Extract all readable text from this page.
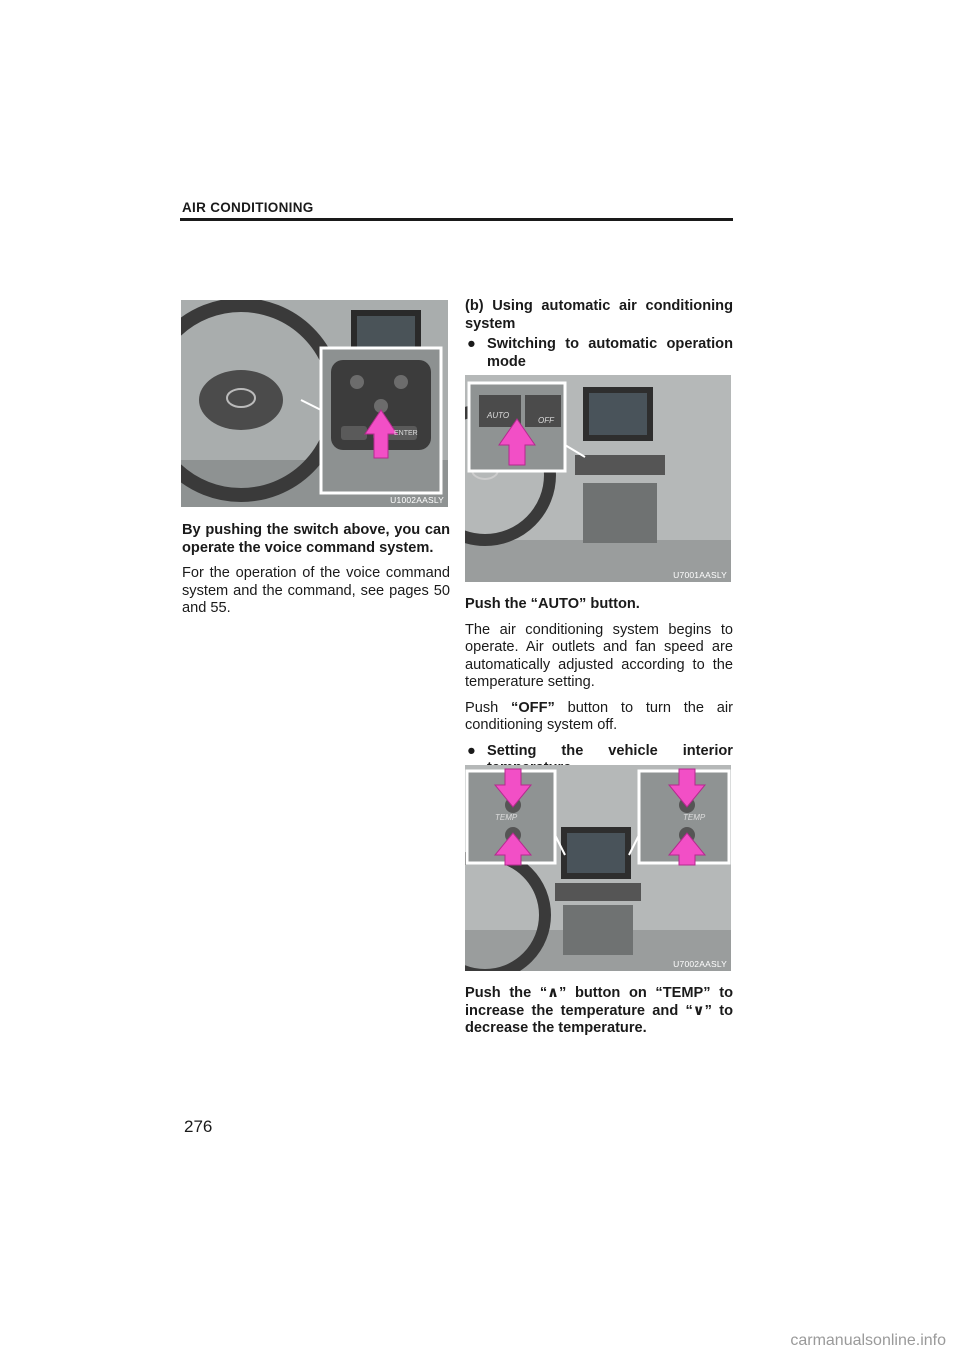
AIR CONDITIONING
U1002AASLY
ENTER

By pushing the switch above, you can operate the voice command system.

For the operation of the voice command system and the command, see pages 50 and 55.

(b) Using automatic air conditioning system

● Switching to automatic operation mode
AUTO
OFF
U7001AASLY

Push the “AUTO” button.

The air conditioning system begins to operate. Air outlets and fan speed are automatically adjusted according to the temperature setting.

Push “OFF” button to turn the air conditioning system off.

● Setting the vehicle interior
TEMP	TEMP
U7002AASLY

Push the “∧” button on “TEMP” to increase the temperature and “∨” to decrease the temperature.

276
carmanualsonline.info
